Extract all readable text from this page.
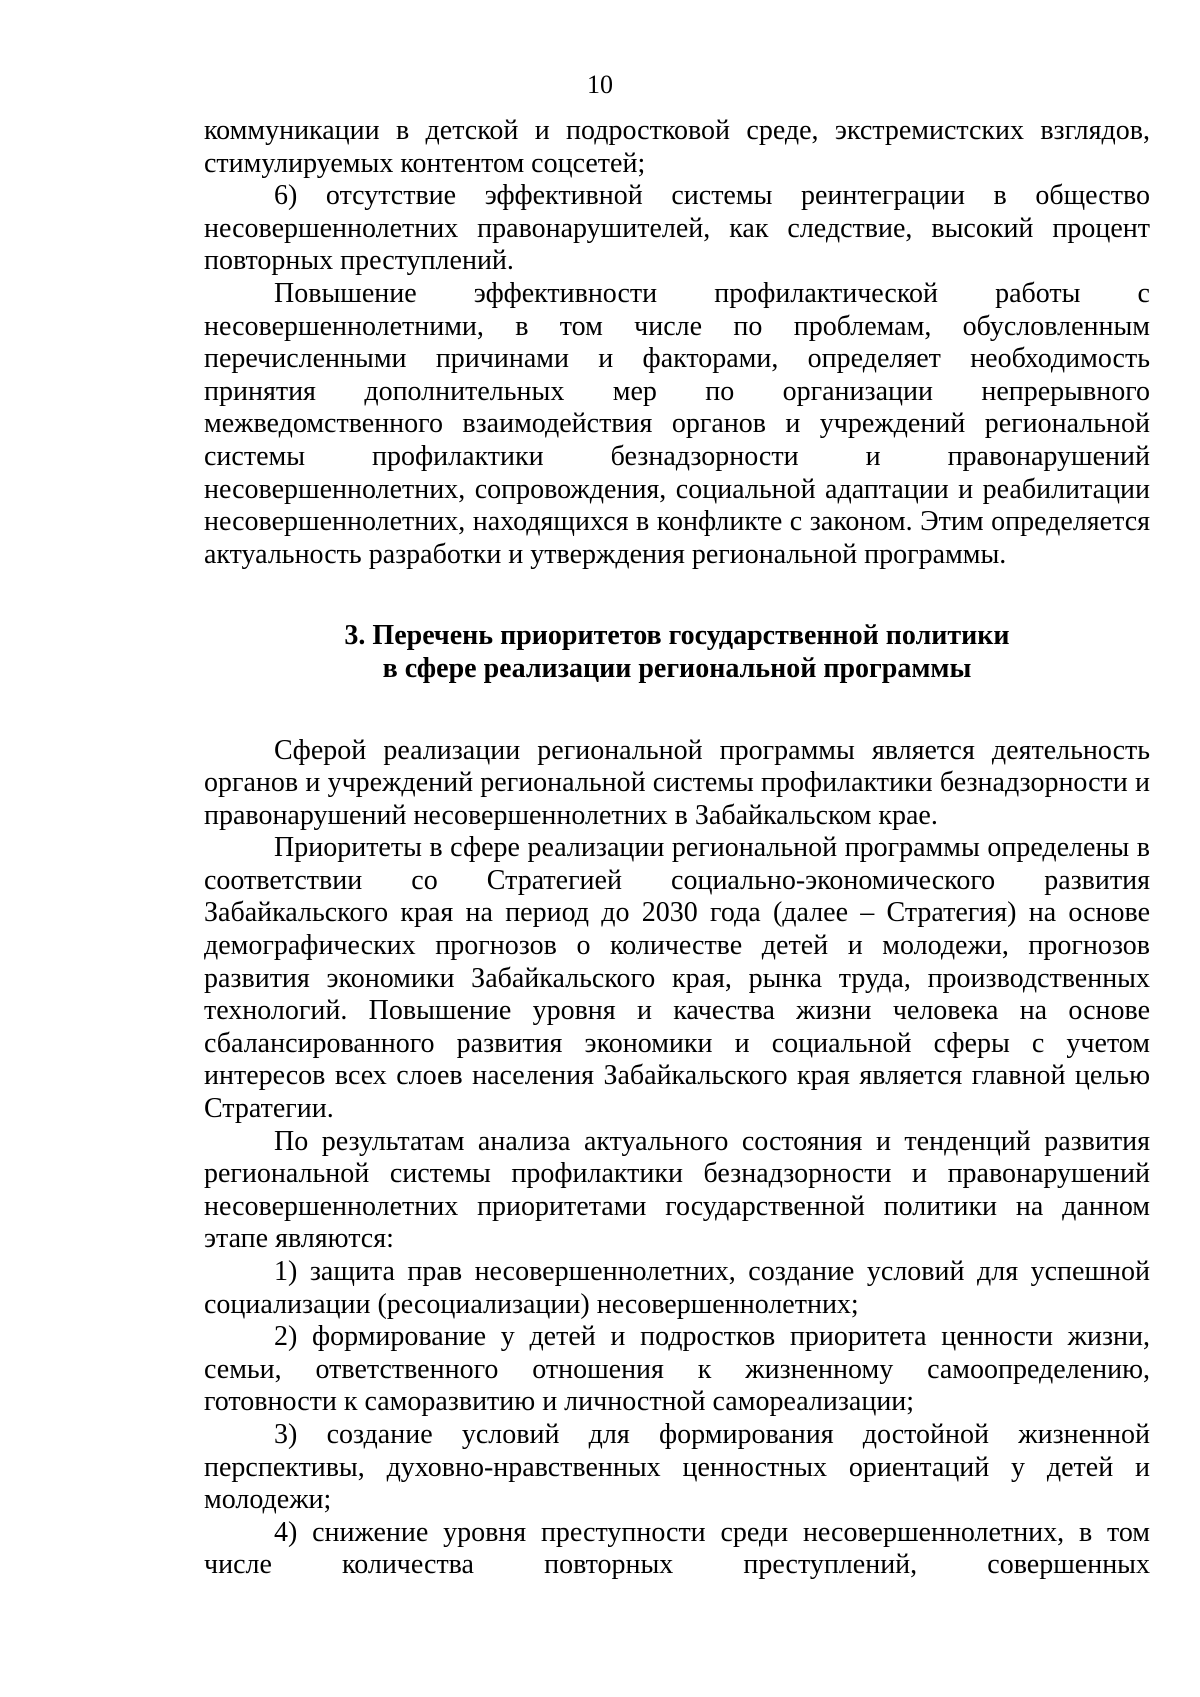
10

коммуникации в детской и подростковой среде, экстремистских взглядов, стимулируемых контентом соцсетей;

6) отсутствие эффективной системы реинтеграции в общество несовершеннолетних правонарушителей, как следствие, высокий процент повторных преступлений.

Повышение эффективности профилактической работы с несовершеннолетними, в том числе по проблемам, обусловленным перечисленными причинами и факторами, определяет необходимость принятия дополнительных мер по организации непрерывного межведомственного взаимодействия органов и учреждений региональной системы профилактики безнадзорности и правонарушений несовершеннолетних, сопровождения, социальной адаптации и реабилитации несовершеннолетних, находящихся в конфликте с законом. Этим определяется актуальность разработки и утверждения региональной программы.

3. Перечень приоритетов государственной политики
в сфере реализации региональной программы

Сферой реализации региональной программы является деятельность органов и учреждений региональной системы профилактики безнадзорности и правонарушений несовершеннолетних в Забайкальском крае.

Приоритеты в сфере реализации региональной программы определены в соответствии со Стратегией социально-экономического развития Забайкальского края на период до 2030 года (далее – Стратегия) на основе демографических прогнозов о количестве детей и молодежи, прогнозов развития экономики Забайкальского края, рынка труда, производственных технологий. Повышение уровня и качества жизни человека на основе сбалансированного развития экономики и социальной сферы с учетом интересов всех слоев населения Забайкальского края является главной целью Стратегии.

По результатам анализа актуального состояния и тенденций развития региональной системы профилактики безнадзорности и правонарушений несовершеннолетних приоритетами государственной политики на данном этапе являются:

1) защита прав несовершеннолетних, создание условий для успешной социализации (ресоциализации) несовершеннолетних;

2) формирование у детей и подростков приоритета ценности жизни, семьи, ответственного отношения к жизненному самоопределению, готовности к саморазвитию и личностной самореализации;

3) создание условий для формирования достойной жизненной перспективы, духовно-нравственных ценностных ориентаций у детей и молодежи;

4) снижение уровня преступности среди несовершеннолетних, в том числе количества повторных преступлений, совершенных
